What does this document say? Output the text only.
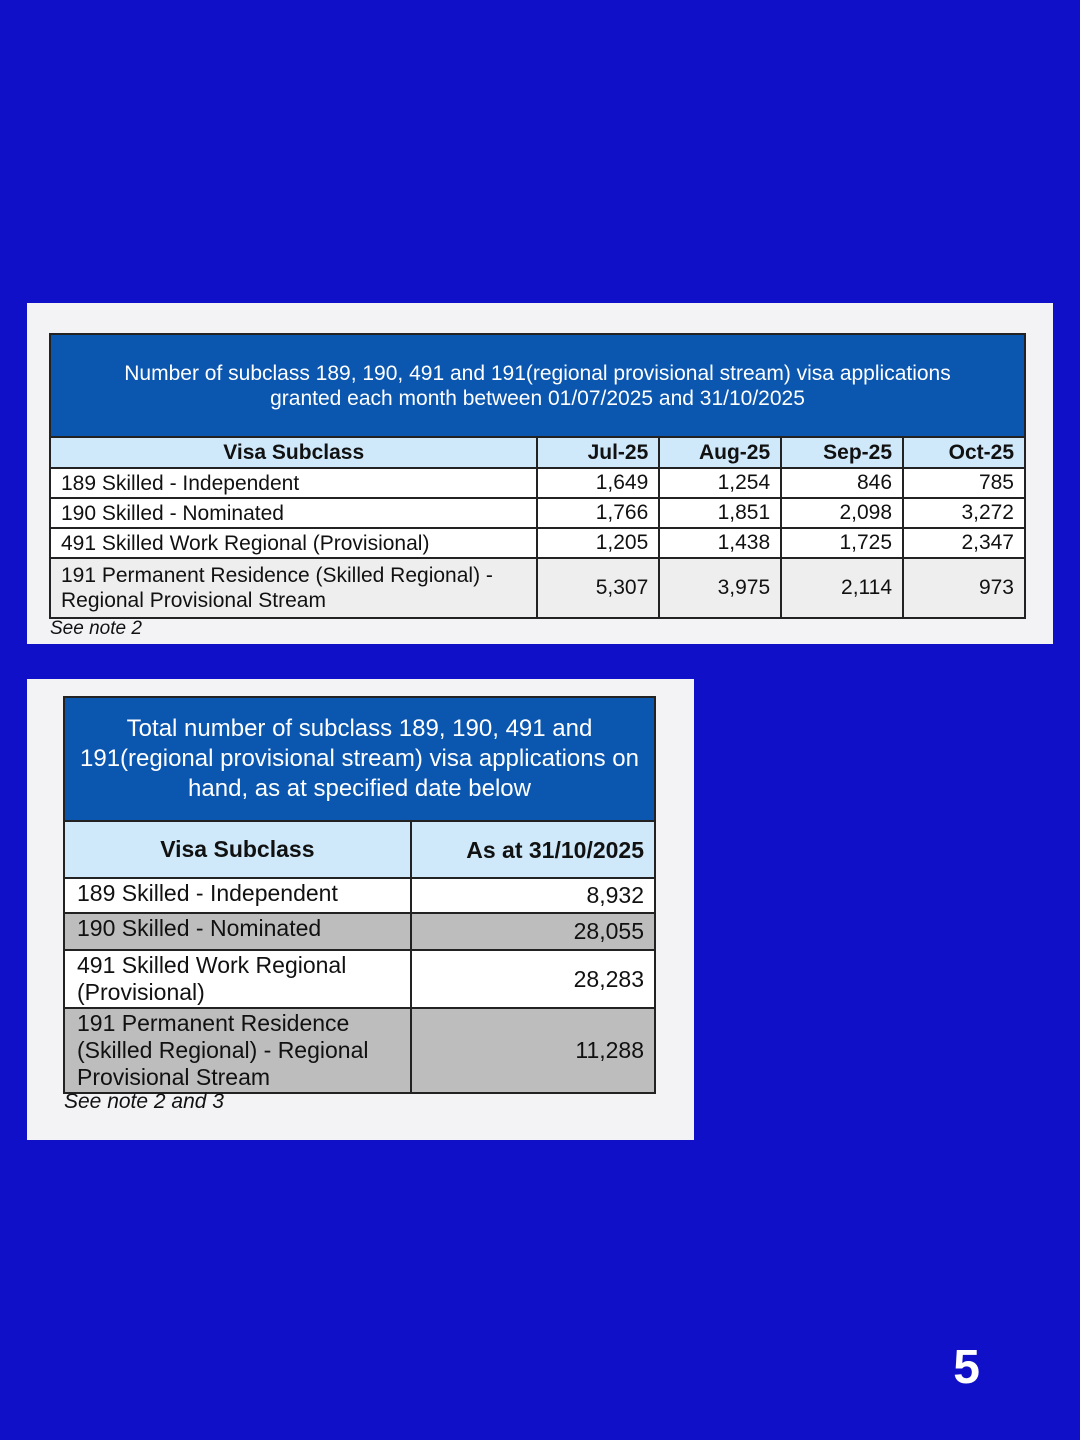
Number of subclass 189, 190, 491 and 191(regional provisional stream) visa applications granted each month between 01/07/2025 and 31/10/2025				
Visa Subclass	Jul-25	Aug-25	Sep-25	Oct-25
189 Skilled - Independent	1,649	1,254	846	785
190 Skilled - Nominated	1,766	1,851	2,098	3,272
491 Skilled Work Regional (Provisional)	1,205	1,438	1,725	2,347
191 Permanent Residence (Skilled Regional) - Regional Provisional Stream	5,307	3,975	2,114	973
See note 2
Total number of subclass 189, 190, 491 and 191(regional provisional stream) visa applications on hand, as at specified date below	
Visa Subclass	As at 31/10/2025
189 Skilled - Independent	8,932
190 Skilled - Nominated	28,055
491 Skilled Work Regional (Provisional)	28,283
191 Permanent Residence (Skilled Regional) - Regional Provisional Stream	11,288
See note 2 and 3
5
